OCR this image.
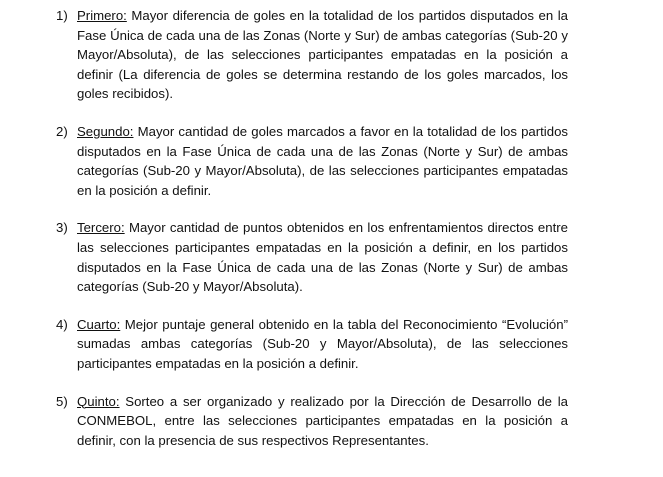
1) Primero: Mayor diferencia de goles en la totalidad de los partidos disputados en la Fase Única de cada una de las Zonas (Norte y Sur) de ambas categorías (Sub-20 y Mayor/Absoluta), de las selecciones participantes empatadas en la posición a definir (La diferencia de goles se determina restando de los goles marcados, los goles recibidos).
2) Segundo: Mayor cantidad de goles marcados a favor en la totalidad de los partidos disputados en la Fase Única de cada una de las Zonas (Norte y Sur) de ambas categorías (Sub-20 y Mayor/Absoluta), de las selecciones participantes empatadas en la posición a definir.
3) Tercero: Mayor cantidad de puntos obtenidos en los enfrentamientos directos entre las selecciones participantes empatadas en la posición a definir, en los partidos disputados en la Fase Única de cada una de las Zonas (Norte y Sur) de ambas categorías (Sub-20 y Mayor/Absoluta).
4) Cuarto: Mejor puntaje general obtenido en la tabla del Reconocimiento “Evolución” sumadas ambas categorías (Sub-20 y Mayor/Absoluta), de las selecciones participantes empatadas en la posición a definir.
5) Quinto: Sorteo a ser organizado y realizado por la Dirección de Desarrollo de la CONMEBOL, entre las selecciones participantes empatadas en la posición a definir, con la presencia de sus respectivos Representantes.
